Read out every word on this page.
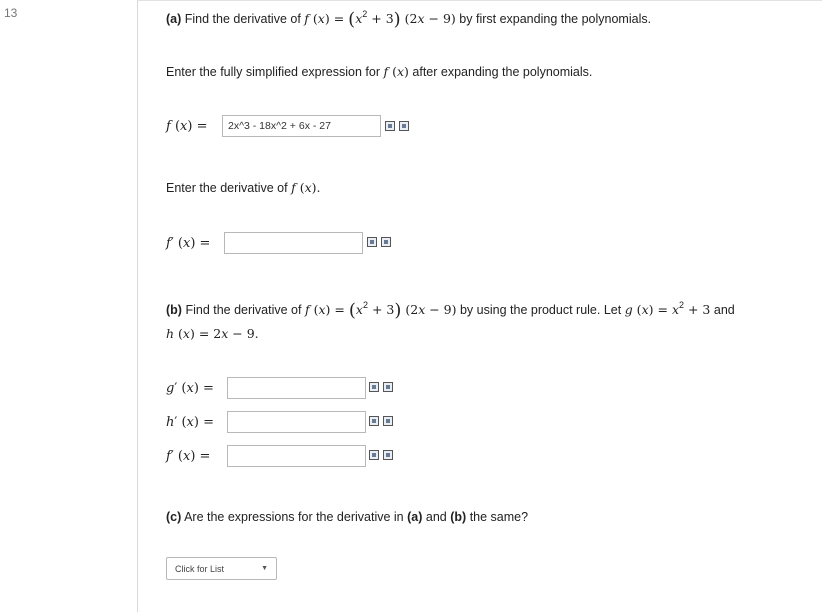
13	(a) Find the derivative of f $(x) = (x^2 + 3) (2x - 9)$ by first expanding the polynomials.
Enter the fully simplified expression for f (x) after expanding the polynomials.
f (x) =	2x^3 - 18x^2 + 6x - 27
Enter the derivative of f (x).
f′ (x) =
(b) Find the derivative of f $(x) = (x^2 + 3) (2x - 9)$ by using the product rule. Let g $(x) = x^2 + 3$ and
h (x) = 2x − 9.
g′ (x) =
h′ (x) =
f′ (x) =
(c) Are the expressions for the derivative in (a) and (b) the same?
Click for List	▼
